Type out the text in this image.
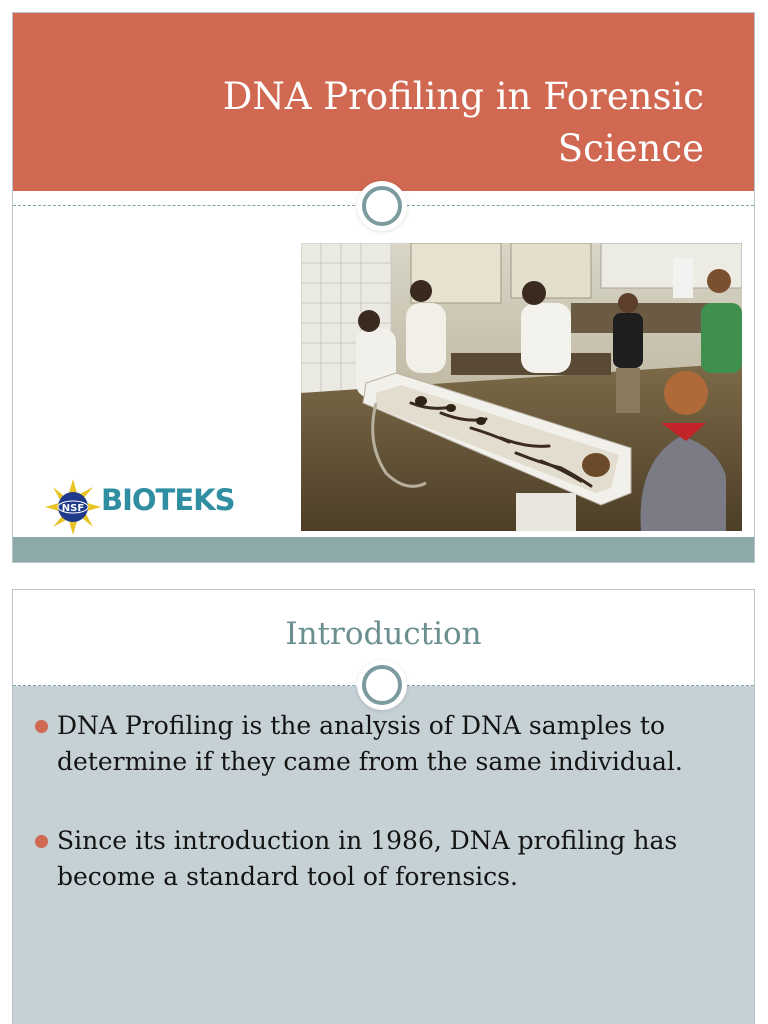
DNA Profiling in Forensic Science
NSF BIOTEKS
Introduction
DNA Profiling is the analysis of DNA samples to determine if they came from the same individual.
Since its introduction in 1986, DNA profiling has become a standard tool of forensics.
